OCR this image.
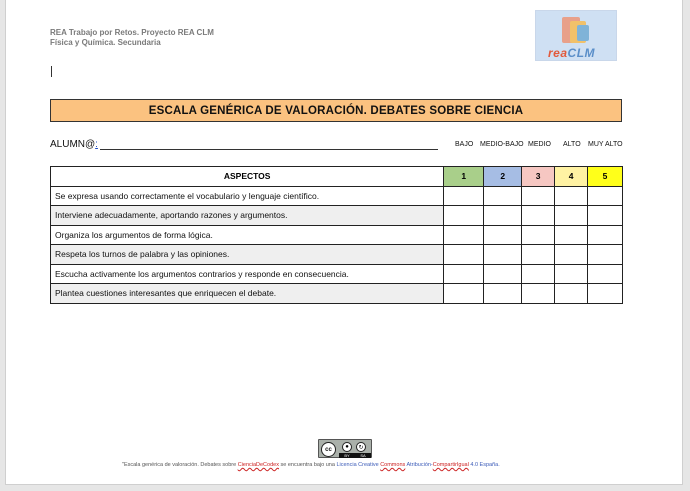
REA Trabajo por Retos. Proyecto REA CLM
Física y Química. Secundaria
reaCLM
ESCALA GENÉRICA DE VALORACIÓN. DEBATES SOBRE CIENCIA
ALUMN@:	BAJO MEDIO-BAJO MEDIO ALTO MUY ALTO
ASPECTOS	1	2	3	4	5
Se expresa usando correctamente el vocabulario y lenguaje científico.					
Interviene adecuadamente, aportando razones y argumentos.					
Organiza los argumentos de forma lógica.					
Respeta los turnos de palabra y las opiniones.					
Escucha activamente los argumentos contrarios y responde en consecuencia.					
Plantea cuestiones interesantes que enriquecen el debate.					
cc	●	↻
BY	SA
"Escala genérica de valoración. Debates sobre CienciaDeCodex se encuentra bajo una Licencia Creative Commons Atribución-CompartirIgual 4.0 España.
